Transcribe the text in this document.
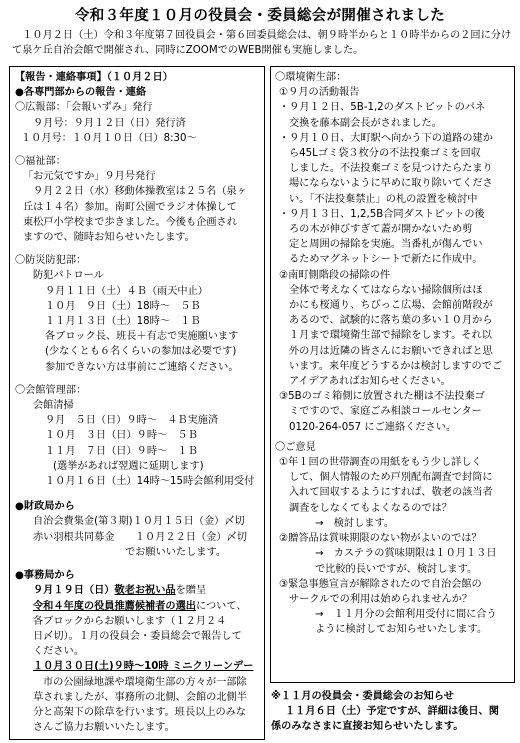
令和３年度１０月の役員会・委員総会が開催されました
１０月２日（土）令和３年度第７回役員会・第６回委員総会は、朝９時半からと１０時半からの２回に分けて泉ケ丘自治会館で開催され、同時にZOOMでのWEB開催も実施しました。
【報告・連絡事項】（１０月２日）
●各専門部からの報告・連絡
〇広報部：「会報いずみ」発行
９月号：９月１２日（日）発行済
１０月号：１０月１０日（日）8:30～
〇福祉部：
「お元気ですか」９月号発行
９月２２日（水）移動体操教室は２５名（泉ヶ
丘は１４名）参加。南町公園でラジオ体操して
東松戸小学校まで歩きました。今後も企画され
ますので、随時お知らせいたします。
〇防災防犯部：
防犯パトロール
９月１１日（土）４Ｂ（雨天中止）
１０月　９日（土）18時～　５Ｂ
１１月１３日（土）18時～　１Ｂ
各ブロック長、班長＋有志で実施願います
(少なくとも６名くらいの参加は必要です)
参加できない方は事前にご連絡ください。
〇会館管理部：
会館清掃
９月　５日（日）９時～　４Ｂ実施済
１０月　３日（日）９時～　５Ｂ
１１月　７日（日）９時～　１Ｂ
(選挙があれば翌週に延期します)
１０月１６日（土）14時～15時会館利用受付
●財政局から
自治会費集金(第３期)１０月１５日（金）〆切
赤い羽根共同募金　　１０月２２日（金）〆切
でお願いいたします。
●事務局から
９月１９日（日）敬老お祝い品を贈呈
令和４年度の役員推薦候補者の選出について、
各ブロックからお願いします（１２月２４
日〆切）。１月の役員会・委員総会で報告して
ください。
１０月３０日(土)９時～10時 ミニクリーンデー
市の公園緑地課や環境衛生部の方々が一部除
草されましたが、事務所の北側、会館の北側半
分と高架下の除草を行います。班長以上のみな
さんご協力お願いいたします。
〇環境衛生部：
①９月の活動報告
・９月１２日、5B-1,2のダストピットのパネ
交換を藤本副会長がされました。
・９月１０日、大町駅へ向かう下の道路の建か
ら45Lゴミ袋３枚分の不法投棄ゴミを回収
しました。不法投棄ゴミを見つけたらたまり
場にならないように早めに取り除いてくださ
い。「不法投棄禁止」の札の設置を検討中
・９月１３日、1,2,5B合同ダストピットの後
ろの木が伸びすぎて蓋が開かないため剪
定と周囲の掃除を実施。当番札が傷んでい
るためマグネットシートで新たに作成中。
②南町側階段の掃除の件
全体で考えなくてはならない掃除個所はほ
かにも桜通り、ちびっこ広場、会館前階段が
あるので、試験的に落ち葉の多い１０月から
１月まで環境衛生部で掃除をします。それ以
外の月は近隣の皆さんにお願いできればと思
います。来年度どうするかは検討しますのでご
アイデアあればお知らせください。
③5Bのゴミ箱側に放置された棚は不法投棄ゴ
ミですので、家庭ごみ相談コールセンター
0120-264-057 にご連絡ください。
〇ご意見
①年１回の世帯調査の用紙をもう少し詳しく
して、個人情報のため戸別配布調査で封筒に
入れて回収するようにすれば、敬老の該当者
調査をしなくてもよくなるのでは？
→　検討します。
②贈答品は賞味期限のない物がよいのでは？
→　カステラの賞味期限は１０月１３日
で比較的長いですが、検討します。
③緊急事態宣言が解除されたので自治会館の
サークルでの利用は始められませんか？
→　１１月分の会館利用受付に間に合う
ように検討してお知らせいたします。
※１１月の役員会・委員総会のお知らせ
１１月６日（土）予定ですが、詳細は後日、関
係のみなさまに直接お知らせいたします。
